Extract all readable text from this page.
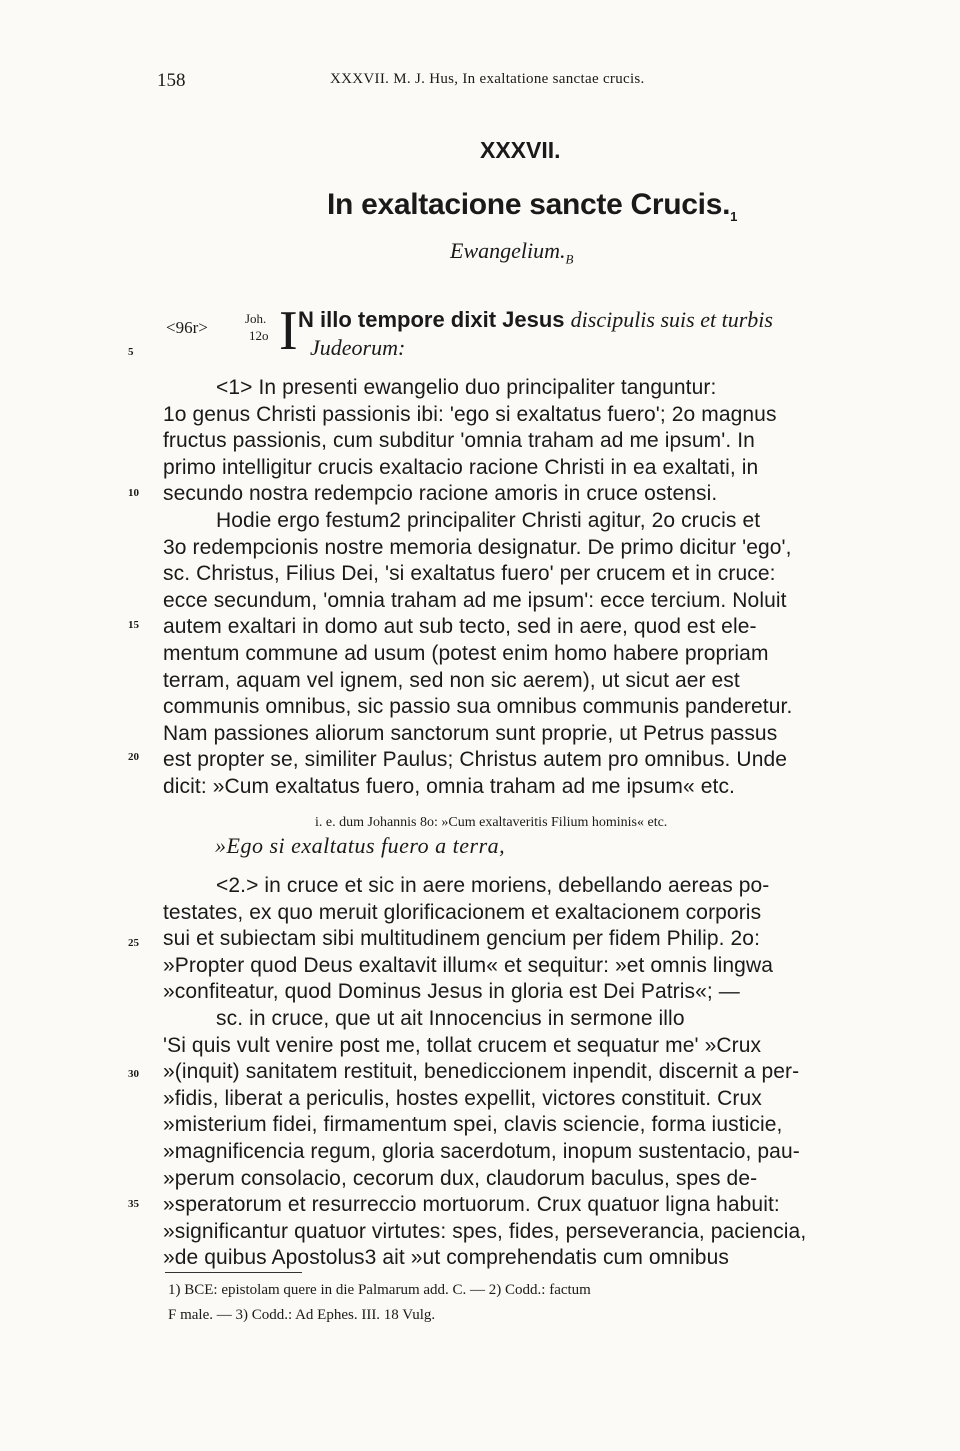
158	XXXVII. M. J. Hus, In exaltatione sanctae crucis.
XXXVII.
In exaltacione sancte $Crucis._1$
$Ewangelium._B$
<96r>	Joh.
12o I N illo tempore dixit Jesus discipulis suis et turbis
Judeorum:
<1> In presenti ewangelio duo principaliter tanguntur:
1o genus Christi passionis ibi: 'ego si exaltatus fuero'; 2o magnus
fructus passionis, cum subditur 'omnia traham ad me ipsum'. In
primo intelligitur crucis exaltacio racione Christi in ea exaltati, in
secundo nostra redempcio racione amoris in cruce ostensi.
Hodie ergo festum2 principaliter Christi agitur, 2o crucis et
3o redempcionis nostre memoria designatur. De primo dicitur 'ego',
sc. Christus, Filius Dei, 'si exaltatus fuero' per crucem et in cruce:
ecce secundum, 'omnia traham ad me ipsum': ecce tercium. Noluit
autem exaltari in domo aut sub tecto, sed in aere, quod est ele-
mentum commune ad usum (potest enim homo habere propriam
terram, aquam vel ignem, sed non sic aerem), ut sicut aer est
communis omnibus, sic passio sua omnibus communis panderetur.
Nam passiones aliorum sanctorum sunt proprie, ut Petrus passus
est propter se, similiter Paulus; Christus autem pro omnibus. Unde
dicit: »Cum exaltatus fuero, omnia traham ad me ipsum« etc.
i. e. dum Johannis 8o: »Cum exaltaveritis Filium hominis« etc.
»Ego si exaltatus fuero a terra,
<2.> in cruce et sic in aere moriens, debellando aereas po-
testates, ex quo meruit glorificacionem et exaltacionem corporis
sui et subiectam sibi multitudinem gencium per fidem Philip. 2o:
»Propter quod Deus exaltavit illum« et sequitur: »et omnis lingwa
»confiteatur, quod Dominus Jesus in gloria est Dei Patris«; —
sc. in cruce, que ut ait Innocencius in sermone illo
'Si quis vult venire post me, tollat crucem et sequatur me' »Crux
»(inquit) sanitatem restituit, benediccionem inpendit, discernit a per-
»fidis, liberat a periculis, hostes expellit, victores constituit. Crux
»misterium fidei, firmamentum spei, clavis sciencie, forma iusticie,
»magnificencia regum, gloria sacerdotum, inopum sustentacio, pau-
»perum consolacio, cecorum dux, claudorum baculus, spes de-
»speratorum et resurreccio mortuorum. Crux quatuor ligna habuit:
»significantur quatuor virtutes: spes, fides, perseverancia, paciencia,
»de quibus Apostolus3 ait »ut comprehendatis cum omnibus
5
10
15
20
25
30
35
1) BCE: epistolam quere in die Palmarum add. C. — 2) Codd.: factum
F male. — 3) Codd.: Ad Ephes. III. 18 Vulg.
